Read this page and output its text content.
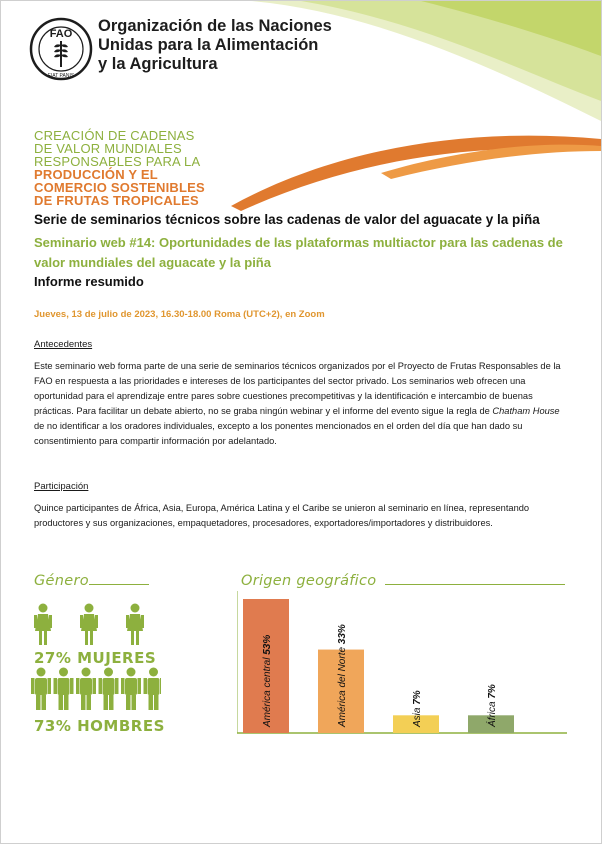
FAO
FIAT PANIS
Organización de las Naciones
Unidas para la Alimentación
y la Agricultura
CREACIÓN DE CADENAS
DE VALOR MUNDIALES
RESPONSABLES PARA LA
PRODUCCIÓN Y EL
COMERCIO SOSTENIBLES
DE FRUTAS TROPICALES
Serie de seminarios técnicos sobre las cadenas de valor del aguacate y la piña
Seminario web #14: Oportunidades de las plataformas multiactor para las cadenas de valor mundiales del aguacate y la piña
Informe resumido
Jueves, 13 de julio de 2023, 16.30-18.00 Roma (UTC+2), en Zoom
Antecedentes
Este seminario web forma parte de una serie de seminarios técnicos organizados por el Proyecto de Frutas Responsables de la FAO en respuesta a las prioridades e intereses de los participantes del sector privado. Los seminarios web ofrecen una oportunidad para el aprendizaje entre pares sobre cuestiones precompetitivas y la identificación e intercambio de buenas prácticas. Para facilitar un debate abierto, no se graba ningún webinar y el informe del evento sigue la regla de Chatham House de no identificar a los oradores individuales, excepto a los ponentes mencionados en el orden del día que han dado su consentimiento para compartir información por adelantado.
Participación
Quince participantes de África, Asia, Europa, América Latina y el Caribe se unieron al seminario en línea, representando productores y sus organizaciones, empaquetadores, procesadores, exportadores/importadores y distribuidores.
Género
27% MUJERES
73% HOMBRES
Origen geográfico
América central 53%	América del Norte 33%
Asia 7%
África 7%
